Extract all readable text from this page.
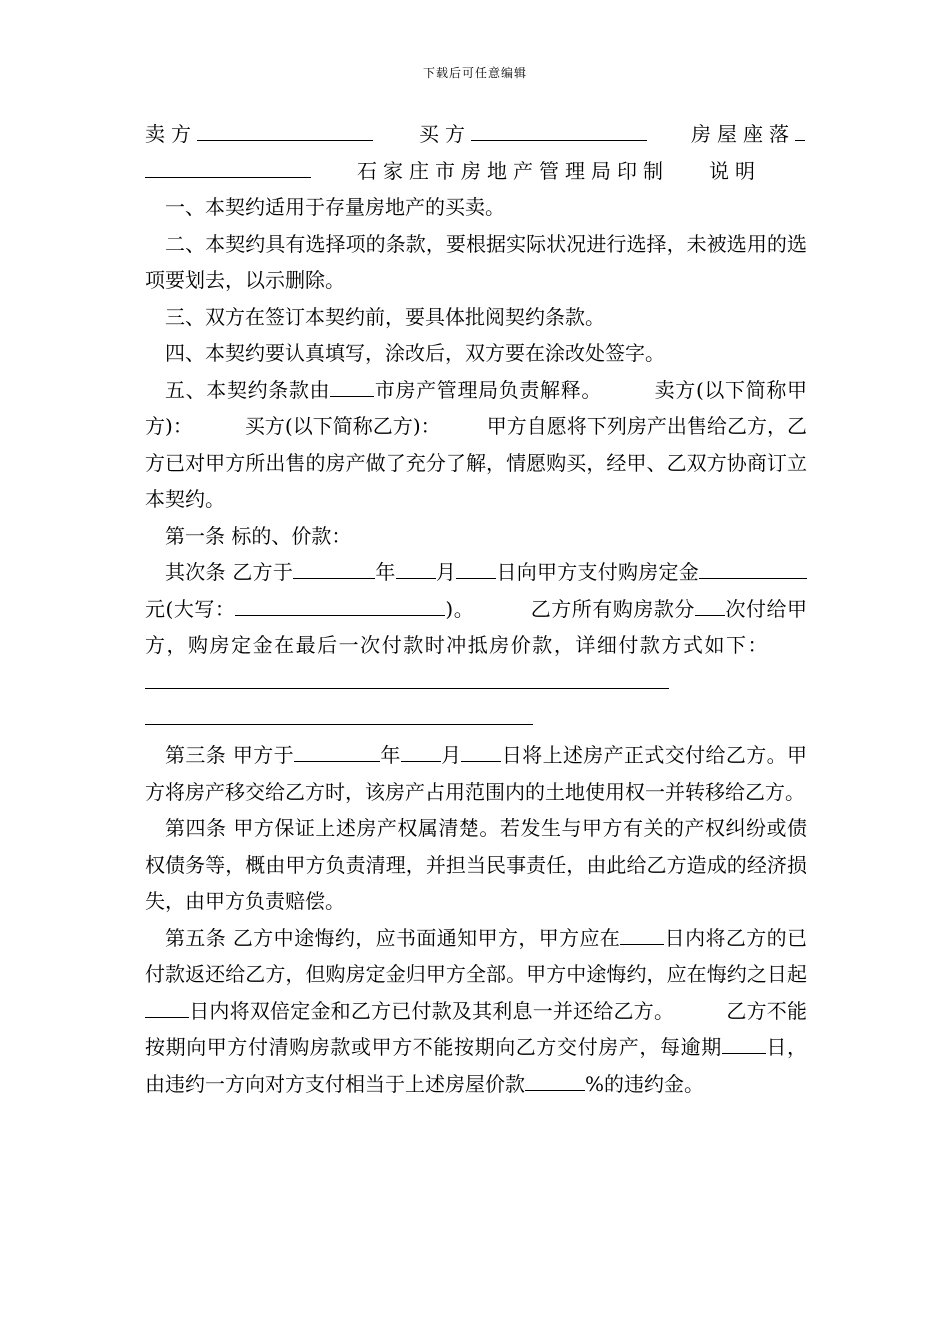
下载后可任意编辑

卖方	买方	房屋座落

石家庄市房地产管理局印制 说明

一、本契约适用于存量房地产的买卖。

二、本契约具有选择项的条款，要根据实际状况进行选择，未被选用的选项要划去，以示删除。

三、双方在签订本契约前，要具体批阅契约条款。

四、本契约要认真填写，涂改后，双方要在涂改处签字。

五、本契约条款由 市房产管理局负责解释。	卖方(以下简称甲方)：	买方(以下简称乙方)： 甲方自愿将下列房产出售给乙方，乙方已对甲方所出售的房产做了充分了解，情愿购买，经甲、乙双方协商订立本契约。

第一条 标的、价款：

其次条 乙方于	年 月 日向甲方支付购房定金元(大写：	)。	乙方所有购房款分 次付给甲方，购房定金在最后一次付款时冲抵房价款，详细付款方式如下：

第三条 甲方于	年 月 日将上述房产正式交付给乙方。甲方将房产移交给乙方时，该房产占用范围内的土地使用权一并转移给乙方。

第四条 甲方保证上述房产权属清楚。若发生与甲方有关的产权纠纷或债权债务等，概由甲方负责清理，并担当民事责任，由此给乙方造成的经济损失，由甲方负责赔偿。

第五条 乙方中途悔约，应书面通知甲方，甲方应在 日内将乙方的已付款返还给乙方，但购房定金归甲方全部。甲方中途悔约，应在悔约之日起日内将双倍定金和乙方已付款及其利息一并还给乙方。	乙方不能按期向甲方付清购房款或甲方不能按期向乙方交付房产，每逾期 日，由违约一方向对方支付相当于上述房屋价款	%的违约金。
